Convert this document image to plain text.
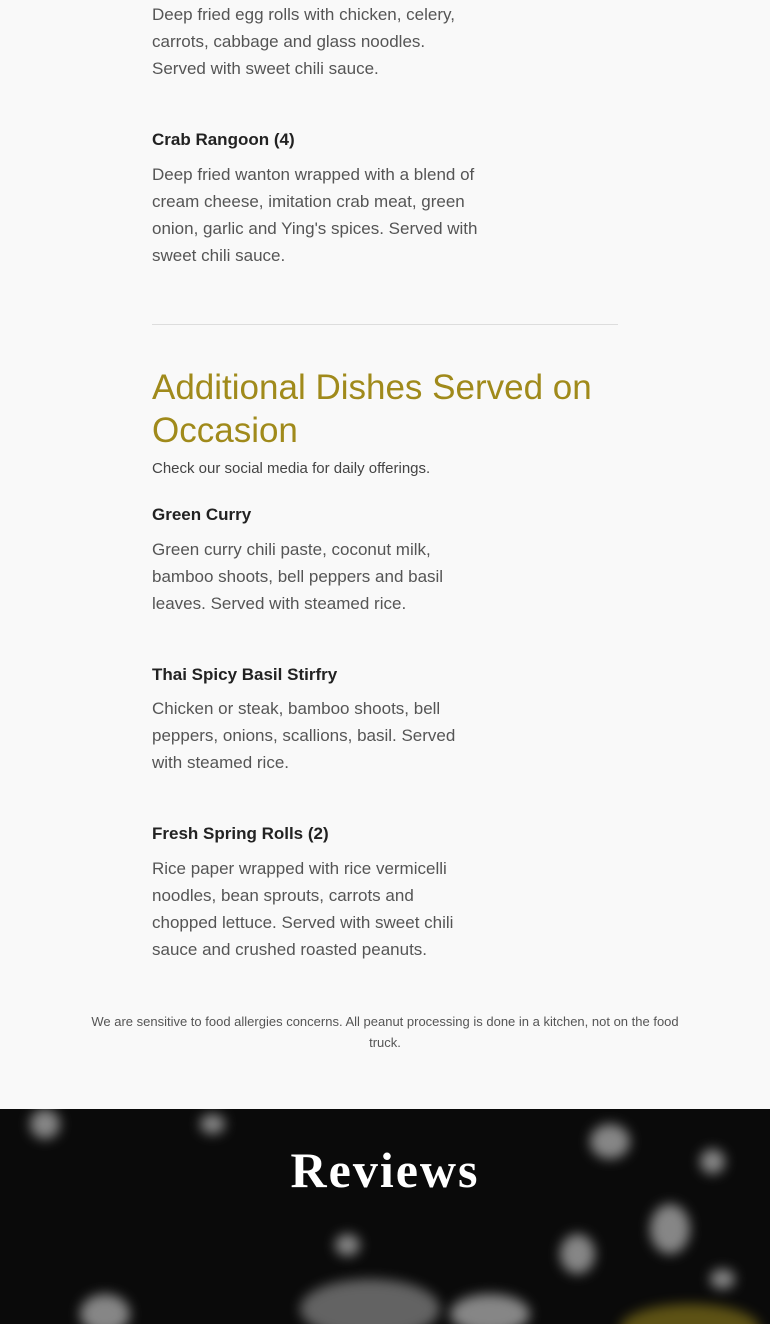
Deep fried egg rolls with chicken, celery, carrots, cabbage and glass noodles. Served with sweet chili sauce.

Crab Rangoon (4)

Deep fried wanton wrapped with a blend of cream cheese, imitation crab meat, green onion, garlic and Ying's spices. Served with sweet chili sauce.

Additional Dishes Served on Occasion

Check our social media for daily offerings.

Green Curry

Green curry chili paste, coconut milk, bamboo shoots, bell peppers and basil leaves. Served with steamed rice.

Thai Spicy Basil Stirfry

Chicken or steak, bamboo shoots, bell peppers, onions, scallions, basil. Served with steamed rice.

Fresh Spring Rolls (2)

Rice paper wrapped with rice vermicelli noodles, bean sprouts, carrots and chopped lettuce. Served with sweet chili sauce and crushed roasted peanuts.

We are sensitive to food allergies concerns. All peanut processing is done in a kitchen, not on the food truck.

Reviews
